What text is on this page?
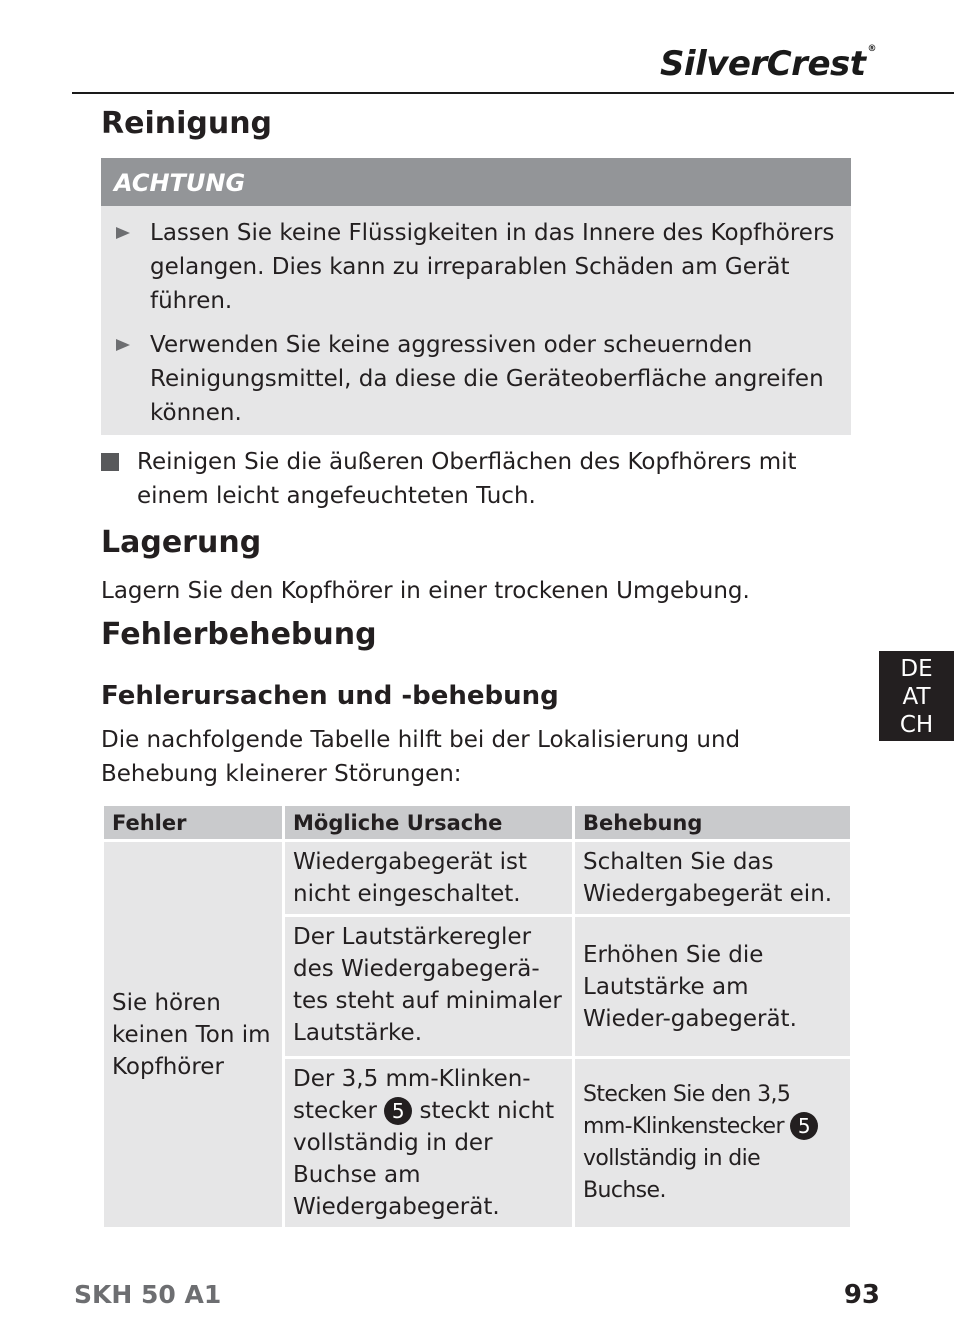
SilverCrest ®
Reinigung
ACHTUNG
Lassen Sie keine Flüssigkeiten in das Innere des Kopfhörers gelangen. Dies kann zu irreparablen Schäden am Gerät führen.
Verwenden Sie keine aggressiven oder scheuernden Reinigungsmittel, da diese die Geräteoberfläche angreifen können.
Reinigen Sie die äußeren Oberflächen des Kopfhörers mit einem leicht angefeuchteten Tuch.
Lagerung

Lagern Sie den Kopfhörer in einer trockenen Umgebung.

Fehlerbehebung
Fehlerursachen und -behebung

Die nachfolgende Tabelle hilft bei der Lokalisierung und Behebung kleinerer Störungen:

DE
AT
CH
Fehler	Mögliche Ursache	Behebung
Sie hören keinen Ton im Kopfhörer	Wiedergabegerät ist nicht eingeschaltet.	Schalten Sie das Wiedergabegerät ein.
	Der Lautstärkeregler des Wiedergabegerä-tes steht auf minimaler Lautstärke.	Erhöhen Sie die Lautstärke am Wieder-gabegerät.
	Der 3,5 mm-Klinken-stecker 5 steckt nicht vollständig in der Buchse am Wiedergabegerät.	Stecken Sie den 3,5 mm-Klinkenstecker 5 vollständig in die Buchse.
SKH 50 A1	93
